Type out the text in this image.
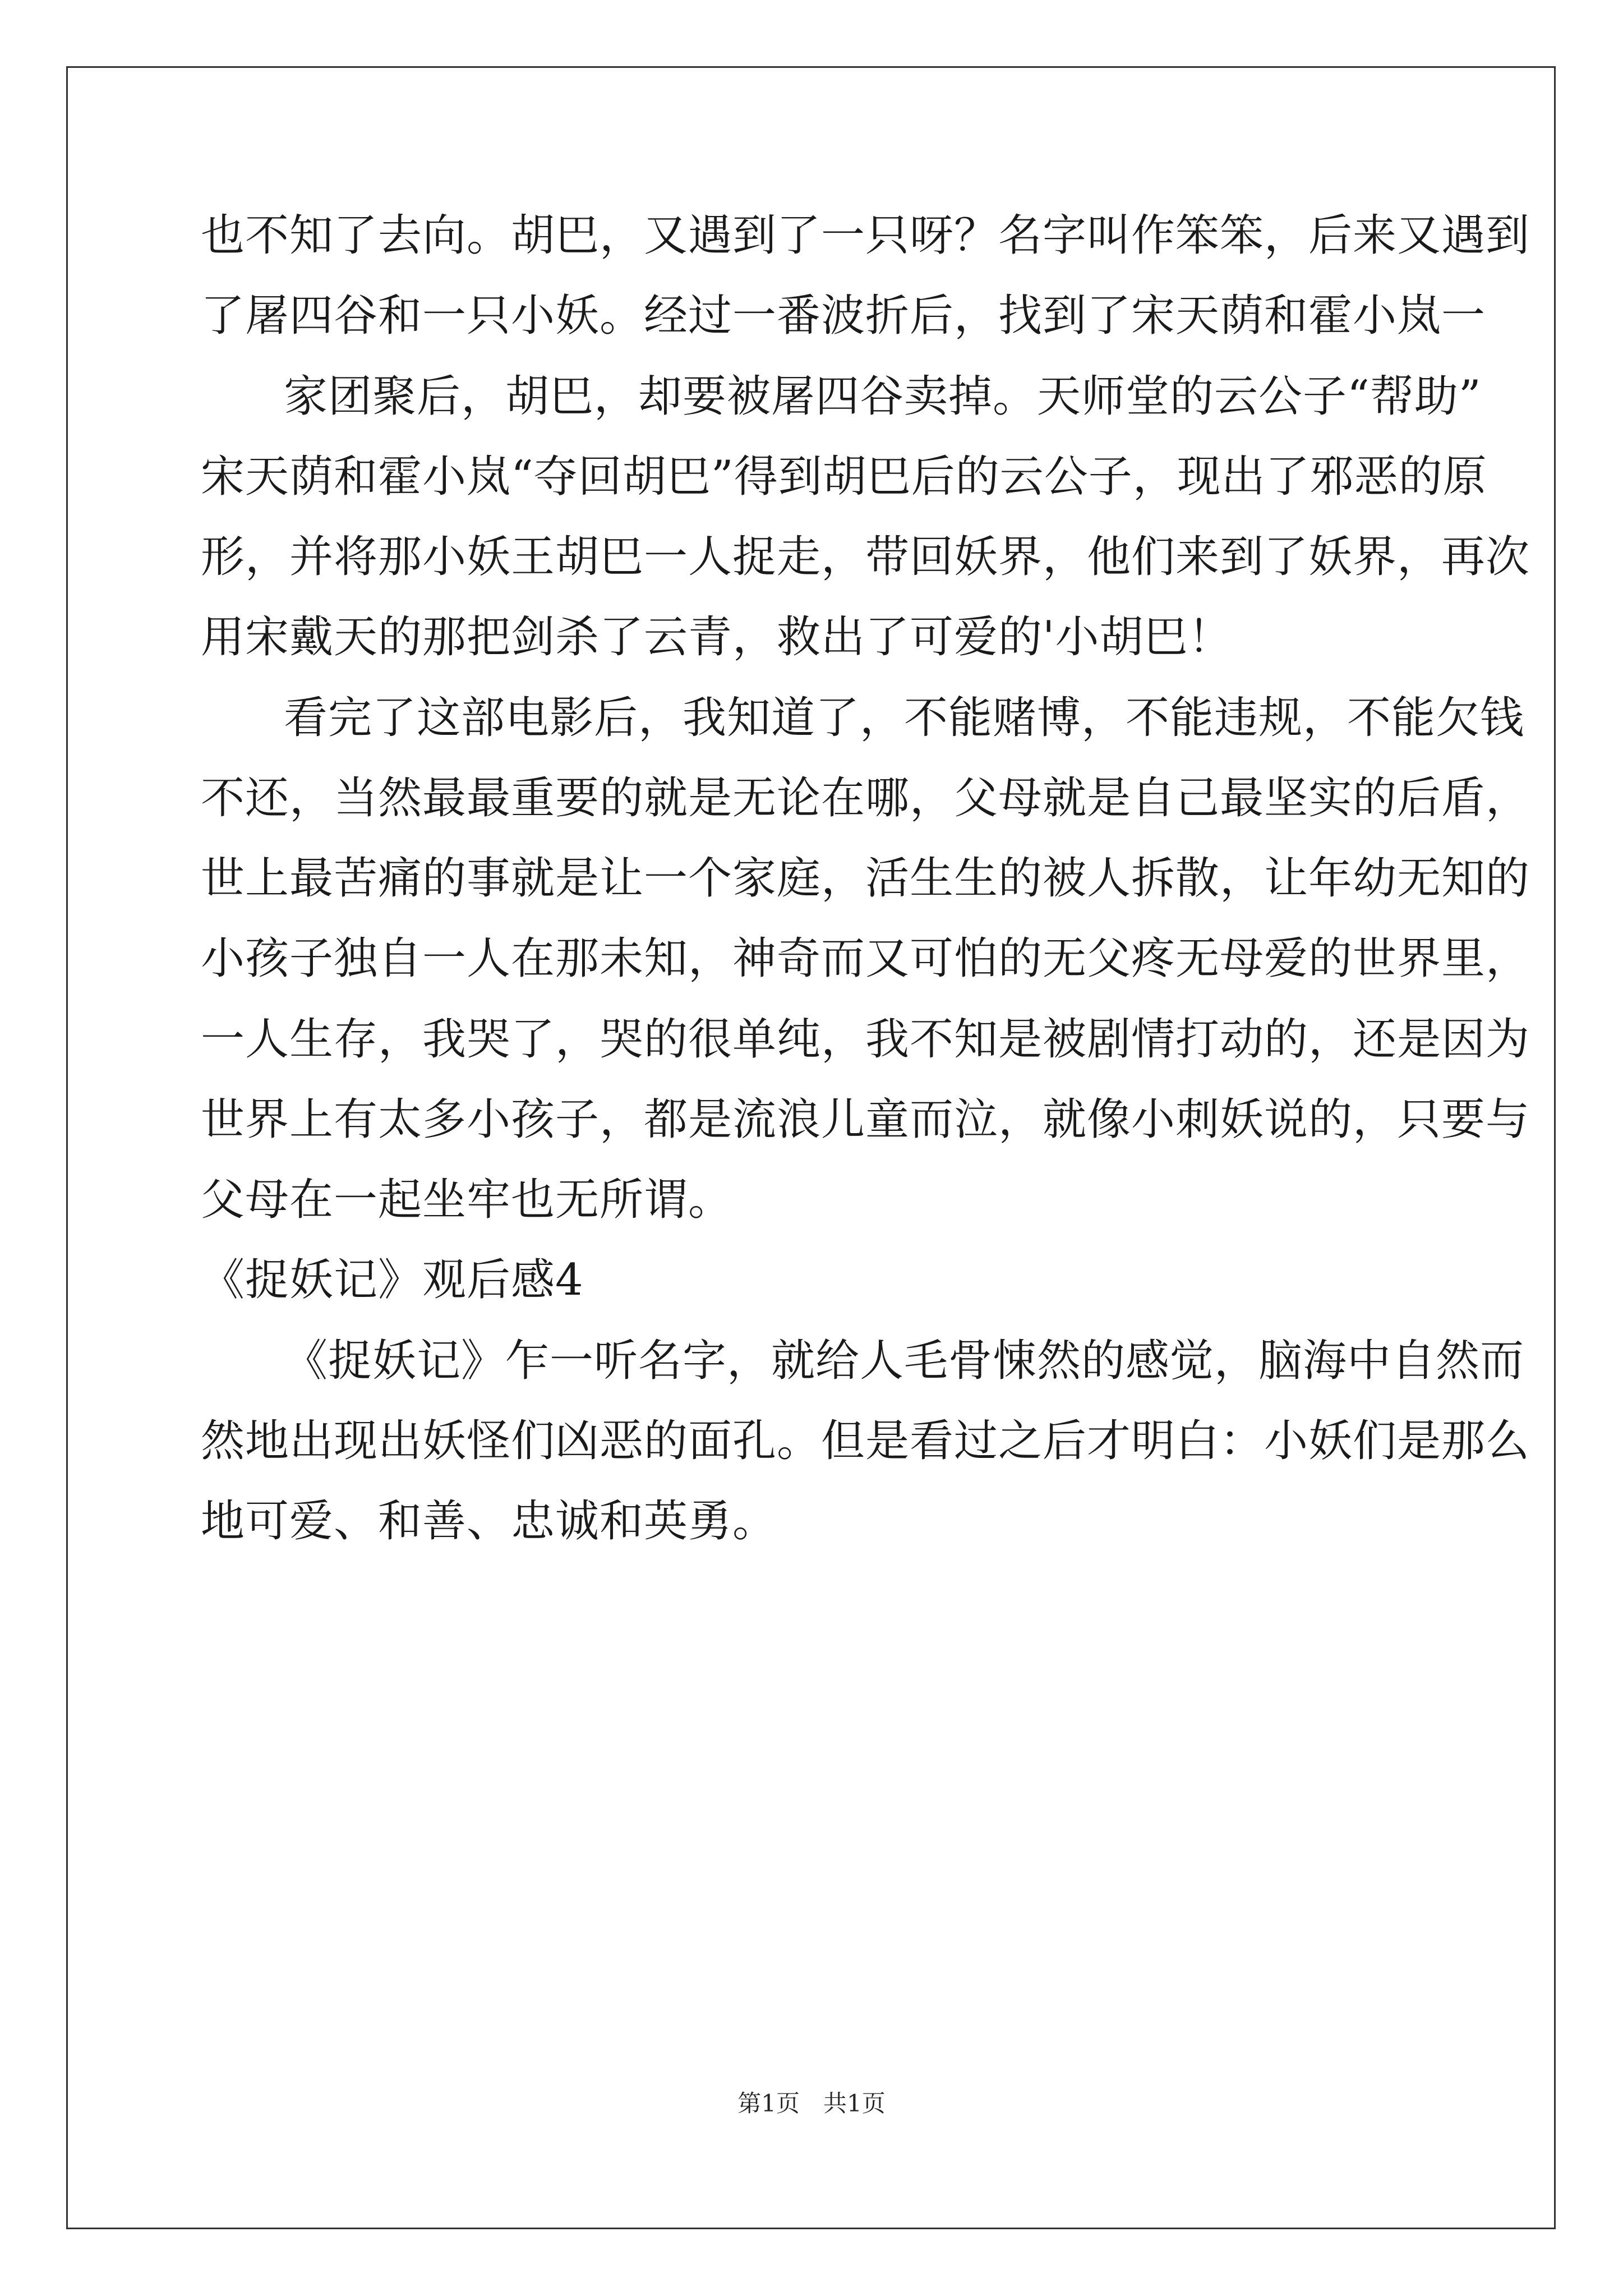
也不知了去向。胡巴，又遇到了一只呀？名字叫作笨笨，后来又遇到
了屠四谷和一只小妖。经过一番波折后，找到了宋天荫和霍小岚一
家团聚后，胡巴，却要被屠四谷卖掉。天师堂的云公子“帮助”
宋天荫和霍小岚“夺回胡巴”得到胡巴后的云公子，现出了邪恶的原
形，并将那小妖王胡巴一人捉走，带回妖界，他们来到了妖界，再次
用宋戴天的那把剑杀了云青，救出了可爱的'小胡巴！
看完了这部电影后，我知道了，不能赌博，不能违规，不能欠钱
不还，当然最最重要的就是无论在哪，父母就是自己最坚实的后盾，
世上最苦痛的事就是让一个家庭，活生生的被人拆散，让年幼无知的
小孩子独自一人在那未知，神奇而又可怕的无父疼无母爱的世界里，
一人生存，我哭了，哭的很单纯，我不知是被剧情打动的，还是因为
世界上有太多小孩子，都是流浪儿童而泣，就像小刺妖说的，只要与
父母在一起坐牢也无所谓。
《捉妖记》观后感4
《捉妖记》乍一听名字，就给人毛骨悚然的感觉，脑海中自然而
然地出现出妖怪们凶恶的面孔。但是看过之后才明白：小妖们是那么
地可爱、和善、忠诚和英勇。
第1页　共1页
